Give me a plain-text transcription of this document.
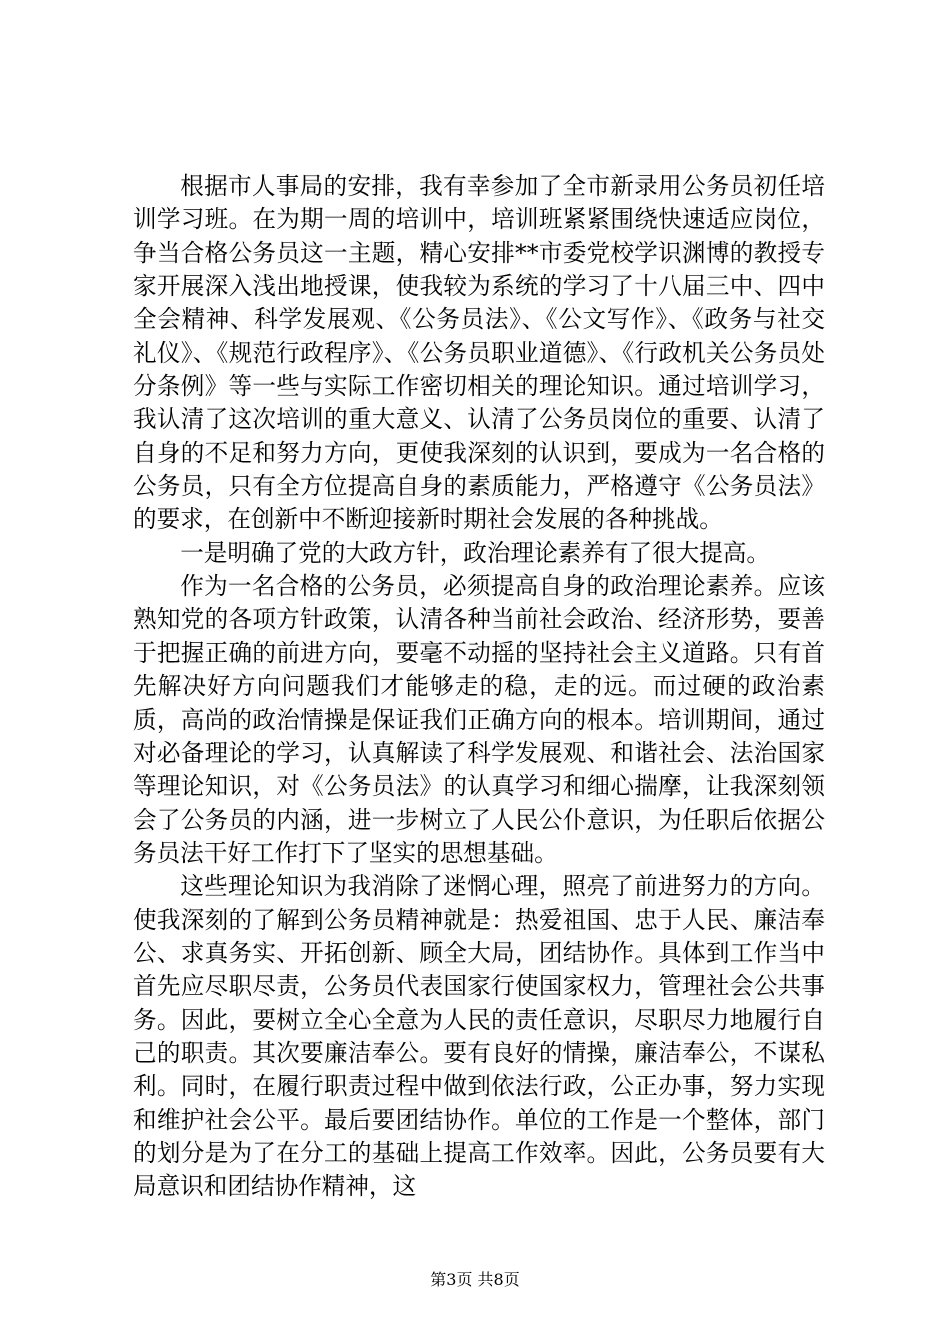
根据市人事局的安排，我有幸参加了全市新录用公务员初任培训学习班。在为期一周的培训中，培训班紧紧围绕快速适应岗位，争当合格公务员这一主题，精心安排**市委党校学识渊博的教授专家开展深入浅出地授课，使我较为系统的学习了十八届三中、四中全会精神、科学发展观、《公务员法》、《公文写作》、《政务与社交礼仪》、《规范行政程序》、《公务员职业道德》、《行政机关公务员处分条例》等一些与实际工作密切相关的理论知识。通过培训学习，我认清了这次培训的重大意义、认清了公务员岗位的重要、认清了自身的不足和努力方向，更使我深刻的认识到，要成为一名合格的公务员，只有全方位提高自身的素质能力，严格遵守《公务员法》的要求，在创新中不断迎接新时期社会发展的各种挑战。

一是明确了党的大政方针，政治理论素养有了很大提高。

作为一名合格的公务员，必须提高自身的政治理论素养。应该熟知党的各项方针政策，认清各种当前社会政治、经济形势，要善于把握正确的前进方向，要毫不动摇的坚持社会主义道路。只有首先解决好方向问题我们才能够走的稳，走的远。而过硬的政治素质，高尚的政治情操是保证我们正确方向的根本。培训期间，通过对必备理论的学习，认真解读了科学发展观、和谐社会、法治国家等理论知识，对《公务员法》的认真学习和细心揣摩，让我深刻领会了公务员的内涵，进一步树立了人民公仆意识，为任职后依据公务员法干好工作打下了坚实的思想基础。

这些理论知识为我消除了迷惘心理，照亮了前进努力的方向。使我深刻的了解到公务员精神就是：热爱祖国、忠于人民、廉洁奉公、求真务实、开拓创新、顾全大局，团结协作。具体到工作当中首先应尽职尽责，公务员代表国家行使国家权力，管理社会公共事务。因此，要树立全心全意为人民的责任意识，尽职尽力地履行自己的职责。其次要廉洁奉公。要有良好的情操，廉洁奉公，不谋私利。同时，在履行职责过程中做到依法行政，公正办事，努力实现和维护社会公平。最后要团结协作。单位的工作是一个整体，部门的划分是为了在分工的基础上提高工作效率。因此，公务员要有大局意识和团结协作精神，这

第3页 共8页
